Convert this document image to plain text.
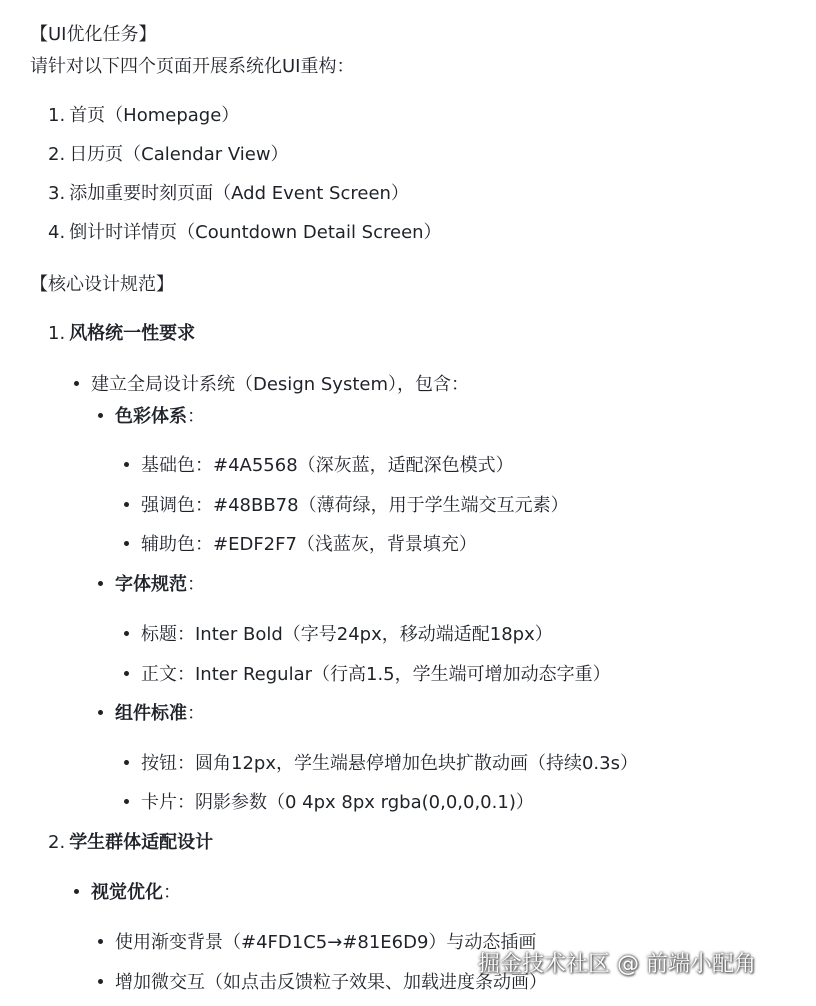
【UI优化任务】
请针对以下四个页面开展系统化UI重构：
1. 首页（Homepage）
2. 日历页（Calendar View）
3. 添加重要时刻页面（Add Event Screen）
4. 倒计时详情页（Countdown Detail Screen）
【核心设计规范】
1. 风格统一性要求
建立全局设计系统（Design System），包含：
色彩体系：
基础色：#4A5568（深灰蓝，适配深色模式）
强调色：#48BB78（薄荷绿，用于学生端交互元素）
辅助色：#EDF2F7（浅蓝灰，背景填充）
字体规范：
标题：Inter Bold（字号24px，移动端适配18px）
正文：Inter Regular（行高1.5，学生端可增加动态字重）
组件标准：
按钮：圆角12px，学生端悬停增加色块扩散动画（持续0.3s）
卡片：阴影参数（0 4px 8px rgba(0,0,0,0.1)）
2. 学生群体适配设计
视觉优化：
使用渐变背景（#4FD1C5→#81E6D9）与动态插画
增加微交互（如点击反馈粒子效果、加载进度条动画）
掘金技术社区 @ 前端小配角
